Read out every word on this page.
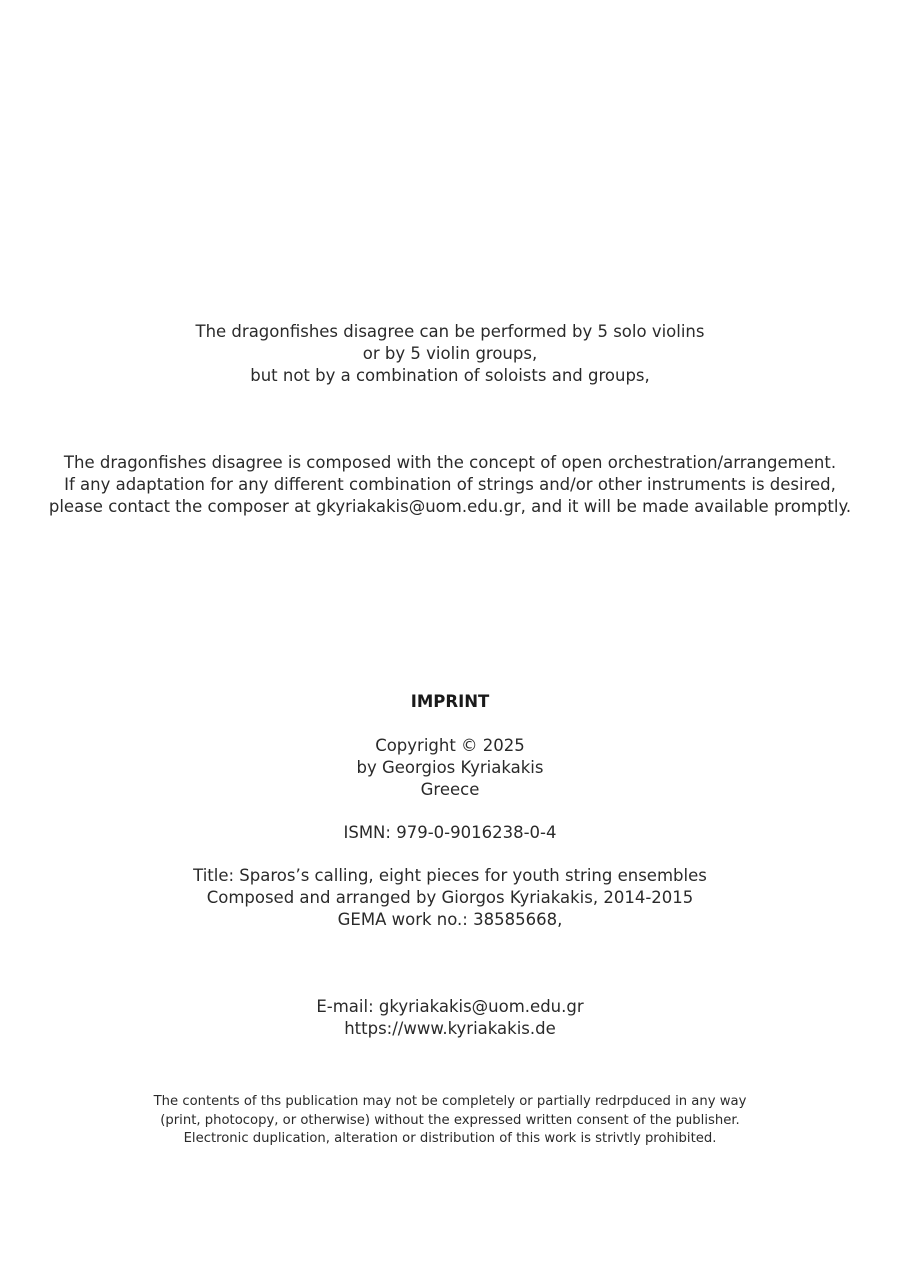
The dragonfishes disagree can be performed by 5 solo violins
or by 5 violin groups,
but not by a combination of soloists and groups,
The dragonfishes disagree is composed with the concept of open orchestration/arrangement.
If any adaptation for any different combination of strings and/or other instruments is desired,
please contact the composer at gkyriakakis@uom.edu.gr, and it will be made available promptly.
IMPRINT
Copyright © 2025
by Georgios Kyriakakis
Greece
ISMN: 979-0-9016238-0-4
Title: Sparos’s calling, eight pieces for youth string ensembles
Composed and arranged by Giorgos Kyriakakis, 2014-2015
GEMA work no.: 38585668,
E-mail: gkyriakakis@uom.edu.gr
https://www.kyriakakis.de
The contents of ths publication may not be completely or partially redrpduced in any way
(print, photocopy, or otherwise) without the expressed written consent of the publisher.
Electronic duplication, alteration or distribution of this work is strivtly prohibited.
